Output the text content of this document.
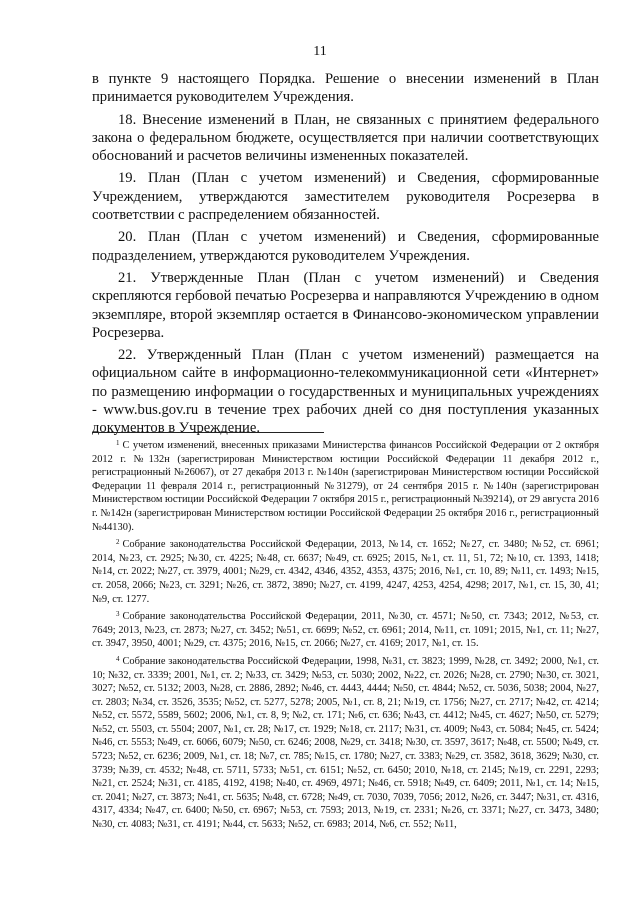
11

в пункте 9 настоящего Порядка. Решение о внесении изменений в План принимается руководителем Учреждения.

18. Внесение изменений в План, не связанных с принятием федерального закона о федеральном бюджете, осуществляется при наличии соответствующих обоснований и расчетов величины измененных показателей.

19. План (План с учетом изменений) и Сведения, сформированные Учреждением, утверждаются заместителем руководителя Росрезерва в соответствии с распределением обязанностей.

20. План (План с учетом изменений) и Сведения, сформированные подразделением, утверждаются руководителем Учреждения.

21. Утвержденные План (План с учетом изменений) и Сведения скрепляются гербовой печатью Росрезерва и направляются Учреждению в одном экземпляре, второй экземпляр остается в Финансово-экономическом управлении Росрезерва.

22. Утвержденный План (План с учетом изменений) размещается на официальном сайте в информационно-телекоммуникационной сети «Интернет» по размещению информации о государственных и муниципальных учреждениях - www.bus.gov.ru в течение трех рабочих дней со дня поступления указанных документов в Учреждение.

$^1$ С учетом изменений, внесенных приказами Министерства финансов Российской Федерации от 2 октября 2012 г. №132н (зарегистрирован Министерством юстиции Российской Федерации 11 декабря 2012 г., регистрационный №26067), от 27 декабря 2013 г. №140н (зарегистрирован Министерством юстиции Российской Федерации 11 февраля 2014 г., регистрационный №31279), от 24 сентября 2015 г. №140н (зарегистрирован Министерством юстиции Российской Федерации 7 октября 2015 г., регистрационный №39214), от 29 августа 2016 г. №142н (зарегистрирован Министерством юстиции Российской Федерации 25 октября 2016 г., регистрационный №44130).

$^2$ Собрание законодательства Российской Федерации, 2013, №14, ст. 1652; №27, ст. 3480; №52, ст. 6961; 2014, №23, ст. 2925; №30, ст. 4225; №48, ст. 6637; №49, ст. 6925; 2015, №1, ст. 11, 51, 72; №10, ст. 1393, 1418; №14, ст. 2022; №27, ст. 3979, 4001; №29, ст. 4342, 4346, 4352, 4353, 4375; 2016, №1, ст. 10, 89; №11, ст. 1493; №15, ст. 2058, 2066; №23, ст. 3291; №26, ст. 3872, 3890; №27, ст. 4199, 4247, 4253, 4254, 4298; 2017, №1, ст. 15, 30, 41; №9, ст. 1277.

$^3$ Собрание законодательства Российской Федерации, 2011, №30, ст. 4571; №50, ст. 7343; 2012, №53, ст. 7649; 2013, №23, ст. 2873; №27, ст. 3452; №51, ст. 6699; №52, ст. 6961; 2014, №11, ст. 1091; 2015, №1, ст. 11; №27, ст. 3947, 3950, 4001; №29, ст. 4375; 2016, №15, ст. 2066; №27, ст. 4169; 2017, №1, ст. 15.

$^4$ Собрание законодательства Российской Федерации, 1998, №31, ст. 3823; 1999, №28, ст. 3492; 2000, №1, ст. 10; №32, ст. 3339; 2001, №1, ст. 2; №33, ст. 3429; №53, ст. 5030; 2002, №22, ст. 2026; №28, ст. 2790; №30, ст. 3021, 3027; №52, ст. 5132; 2003, №28, ст. 2886, 2892; №46, ст. 4443, 4444; №50, ст. 4844; №52, ст. 5036, 5038; 2004, №27, ст. 2803; №34, ст. 3526, 3535; №52, ст. 5277, 5278; 2005, №1, ст. 8, 21; №19, ст. 1756; №27, ст. 2717; №42, ст. 4214; №52, ст. 5572, 5589, 5602; 2006, №1, ст. 8, 9; №2, ст. 171; №6, ст. 636; №43, ст. 4412; №45, ст. 4627; №50, ст. 5279; №52, ст. 5503, ст. 5504; 2007, №1, ст. 28; №17, ст. 1929; №18, ст. 2117; №31, ст. 4009; №43, ст. 5084; №45, ст. 5424; №46, ст. 5553; №49, ст. 6066, 6079; №50, ст. 6246; 2008, №29, ст. 3418; №30, ст. 3597, 3617; №48, ст. 5500; №49, ст. 5723; №52, ст. 6236; 2009, №1, ст. 18; №7, ст. 785; №15, ст. 1780; №27, ст. 3383; №29, ст. 3582, 3618, 3629; №30, ст. 3739; №39, ст. 4532; №48, ст. 5711, 5733; №51, ст. 6151; №52, ст. 6450; 2010, №18, ст. 2145; №19, ст. 2291, 2293; №21, ст. 2524; №31, ст. 4185, 4192, 4198; №40, ст. 4969, 4971; №46, ст. 5918; №49, ст. 6409; 2011, №1, ст. 14; №15, ст. 2041; №27, ст. 3873; №41, ст. 5635; №48, ст. 6728; №49, ст. 7030, 7039, 7056; 2012, №26, ст. 3447; №31, ст. 4316, 4317, 4334; №47, ст. 6400; №50, ст. 6967; №53, ст. 7593; 2013, №19, ст. 2331; №26, ст. 3371; №27, ст. 3473, 3480; №30, ст. 4083; №31, ст. 4191; №44, ст. 5633; №52, ст. 6983; 2014, №6, ст. 552; №11,
